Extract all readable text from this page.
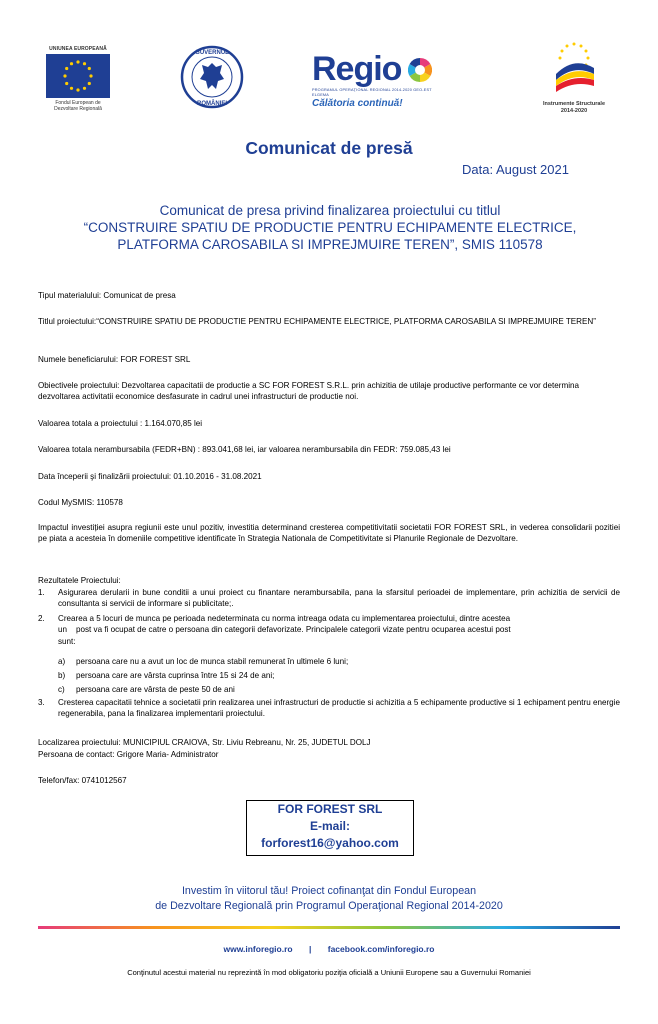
UNIUNEA EUROPEANĂ
Fondul European de Dezvoltare Regională
GUVERNUL
ROMÂNIEI
Regio
PROGRAMUL OPERAŢIONAL REGIONAL 2014-2020 GEO-EST ELGEMA
Călătoria continuă!	Instrumente Structurale
2014-2020
Comunicat de presă
Data: August 2021
Comunicat de presa privind finalizarea proiectului cu titlul
“CONSTRUIRE SPATIU DE PRODUCTIE PENTRU ECHIPAMENTE ELECTRICE,
PLATFORMA CAROSABILA SI IMPREJMUIRE TEREN”, SMIS 110578
Tipul materialului: Comunicat de presa
Titlul proiectului:“CONSTRUIRE SPATIU DE PRODUCTIE PENTRU ECHIPAMENTE ELECTRICE, PLATFORMA CAROSABILA SI IMPREJMUIRE TEREN”
Numele beneficiarului: FOR FOREST SRL
Obiectivele proiectului: Dezvoltarea capacitatii de productie a SC FOR FOREST S.R.L. prin achizitia de utilaje productive performante ce vor determina dezvoltarea activitatii economice desfasurate in cadrul unei infrastructuri de productie noi.
Valoarea totala a proiectului : 1.164.070,85 lei
Valoarea totala nerambursabila (FEDR+BN) : 893.041,68 lei, iar valoarea nerambursabila din FEDR: 759.085,43 lei
Data începerii şi finalizării proiectului: 01.10.2016 - 31.08.2021
Codul MySMIS: 110578
Impactul investiției asupra regiunii este unul pozitiv, investitia determinand cresterea competitivitatii societatii FOR FOREST SRL, in vederea consolidarii pozitiei pe piata a acesteia în domeniile competitive identificate în Strategia Nationala de Competitivitate si Planurile Regionale de Dezvoltare.
Rezultatele Proiectului:
1.	Asigurarea derularii in bune conditii a unui proiect cu finantare nerambursabila, pana la sfarsitul perioadei de implementare, prin achizitia de servicii de consultanta si servicii de informare si publicitate;.
2.	Crearea a 5 locuri de munca pe perioada nedeterminata cu norma intreaga odata cu implementarea proiectului, dintre acestea
un    post va fi ocupat de catre o persoana din categorii defavorizate. Principalele categorii vizate pentru ocuparea acestui post
sunt:
a) persoana care nu a avut un loc de munca stabil remunerat în ultimele 6 luni;
b) persoana care are vârsta cuprinsa între 15 si 24 de ani;
c) persoana care are vârsta de peste 50 de ani
3.	Cresterea capacitatii tehnice a societatii prin realizarea unei infrastructuri de productie si achizitia a 5 echipamente productive si 1 echipament pentru energie regenerabila, pana la finalizarea implementarii proiectului.
Localizarea proiectului: MUNICIPIUL CRAIOVA, Str. Liviu Rebreanu, Nr. 25, JUDETUL DOLJ
Persoana de contact: Grigore Maria- Administrator
Telefon/fax: 0741012567
FOR FOREST SRL
E-mail:
forforest16@yahoo.com
Investim în viitorul tău! Proiect cofinanţat din Fondul European
de Dezvoltare Regională prin Programul Operaţional Regional 2014-2020
www.inforegio.ro | facebook.com/inforegio.ro
Conţinutul acestui material nu reprezintă în mod obligatoriu poziţia oficială a Uniunii Europene sau a Guvernului Romaniei
